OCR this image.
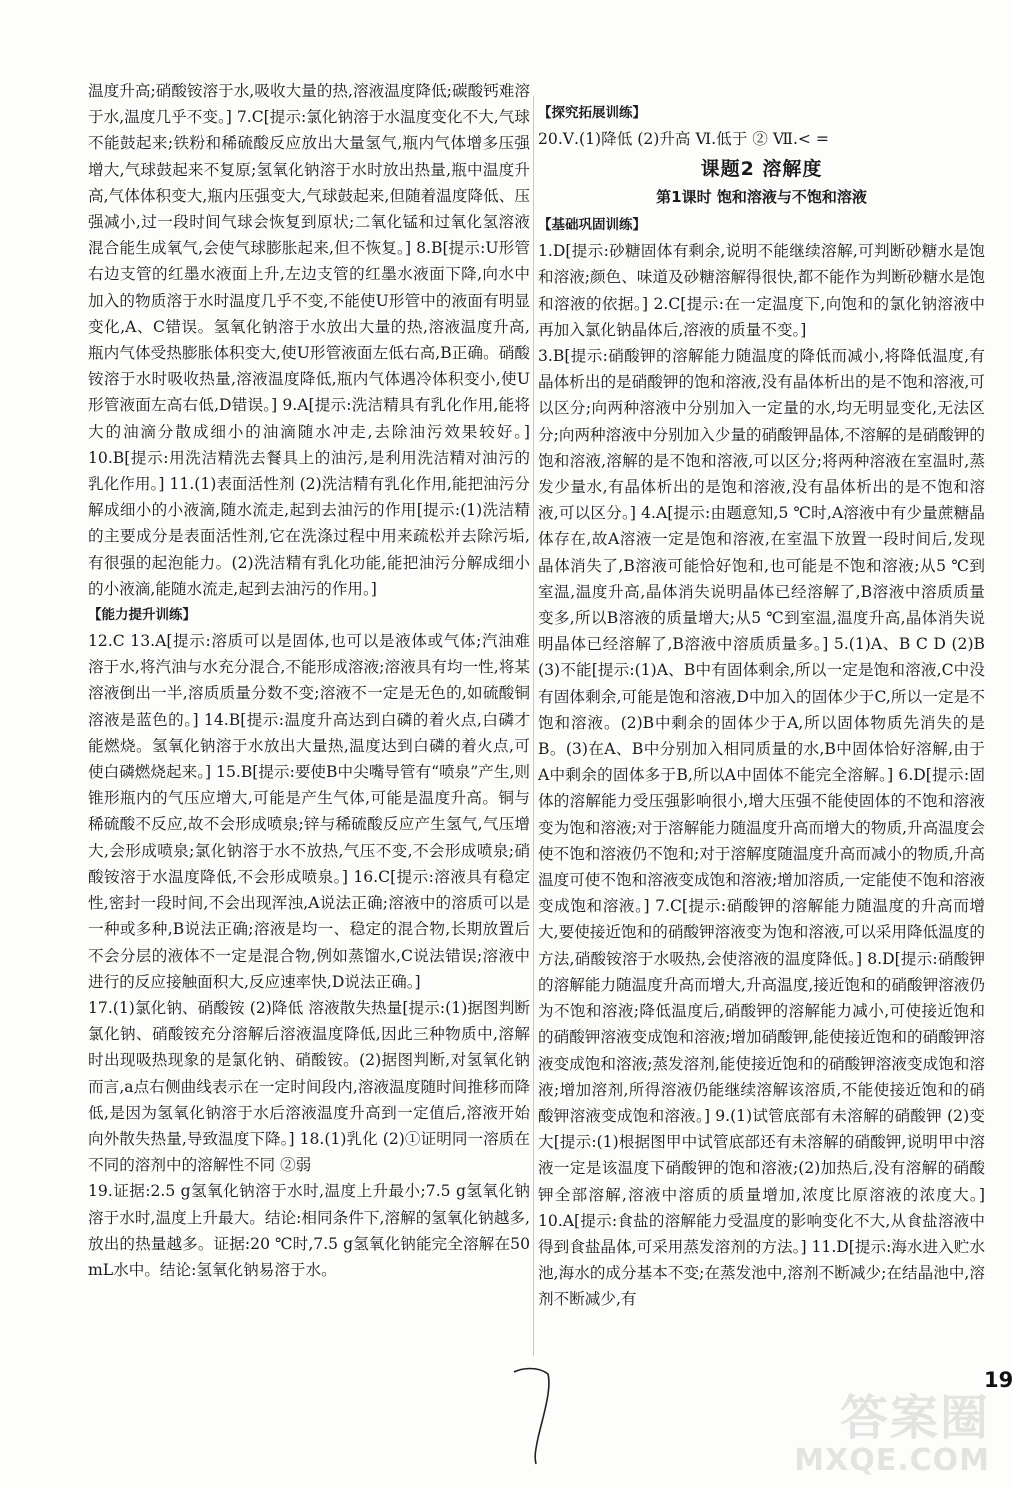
温度升高;硝酸铵溶于水,吸收大量的热,溶液温度降低;碳酸钙难溶于水,温度几乎不变。] 7.C[提示:氯化钠溶于水温度变化不大,气球不能鼓起来;铁粉和稀硫酸反应放出大量氢气,瓶内气体增多压强增大,气球鼓起来不复原;氢氧化钠溶于水时放出热量,瓶中温度升高,气体体积变大,瓶内压强变大,气球鼓起来,但随着温度降低、压强减小,过一段时间气球会恢复到原状;二氧化锰和过氧化氢溶液混合能生成氧气,会使气球膨胀起来,但不恢复。] 8.B[提示:U形管右边支管的红墨水液面上升,左边支管的红墨水液面下降,向水中加入的物质溶于水时温度几乎不变,不能使U形管中的液面有明显变化,A、C错误。氢氧化钠溶于水放出大量的热,溶液温度升高,瓶内气体受热膨胀体积变大,使U形管液面左低右高,B正确。硝酸铵溶于水时吸收热量,溶液温度降低,瓶内气体遇冷体积变小,使U形管液面左高右低,D错误。] 9.A[提示:洗洁精具有乳化作用,能将大的油滴分散成细小的油滴随水冲走,去除油污效果较好。] 10.B[提示:用洗洁精洗去餐具上的油污,是利用洗洁精对油污的乳化作用。] 11.(1)表面活性剂 (2)洗洁精有乳化作用,能把油污分解成细小的小液滴,随水流走,起到去油污的作用[提示:(1)洗洁精的主要成分是表面活性剂,它在洗涤过程中用来疏松并去除污垢,有很强的起泡能力。(2)洗洁精有乳化功能,能把油污分解成细小的小液滴,能随水流走,起到去油污的作用。]

【 能力提升训练 】

12.C 13.A[提示:溶质可以是固体,也可以是液体或气体;汽油难溶于水,将汽油与水充分混合,不能形成溶液;溶液具有均一性,将某溶液倒出一半,溶质质量分数不变;溶液不一定是无色的,如硫酸铜溶液是蓝色的。] 14.B[提示:温度升高达到白磷的着火点,白磷才能燃烧。氢氧化钠溶于水放出大量热,温度达到白磷的着火点,可使白磷燃烧起来。] 15.B[提示:要使B中尖嘴导管有“喷泉”产生,则锥形瓶内的气压应增大,可能是产生气体,可能是温度升高。铜与稀硫酸不反应,故不会形成喷泉;锌与稀硫酸反应产生氢气,气压增大,会形成喷泉;氯化钠溶于水不放热,气压不变,不会形成喷泉;硝酸铵溶于水温度降低,不会形成喷泉。] 16.C[提示:溶液具有稳定性,密封一段时间,不会出现浑浊,A说法正确;溶液中的溶质可以是一种或多种,B说法正确;溶液是均一、稳定的混合物,长期放置后不会分层的液体不一定是混合物,例如蒸馏水,C说法错误;溶液中进行的反应接触面积大,反应速率快,D说法正确。]

17.(1)氯化钠、硝酸铵 (2)降低 溶液散失热量[提示:(1)据图判断氯化钠、硝酸铵充分溶解后溶液温度降低,因此三种物质中,溶解时出现吸热现象的是氯化钠、硝酸铵。(2)据图判断,对氢氧化钠而言,a点右侧曲线表示在一定时间段内,溶液温度随时间推移而降低,是因为氢氧化钠溶于水后溶液温度升高到一定值后,溶液开始向外散失热量,导致温度下降。] 18.(1)乳化 (2)①证明同一溶质在不同的溶剂中的溶解性不同 ②弱

19.证据:2.5 g氢氧化钠溶于水时,温度上升最小;7.5 g氢氧化钠溶于水时,温度上升最大。结论:相同条件下,溶解的氢氧化钠越多,放出的热量越多。证据:20 ℃时,7.5 g氢氧化钠能完全溶解在50 mL水中。结论:氢氧化钠易溶于水。

【 探究拓展训练 】

20.Ⅴ.(1)降低 (2)升高 Ⅵ.低于 ② Ⅶ.< =

课题2 溶解度
第1课时 饱和溶液与不饱和溶液
【 基础巩固训练 】

1.D[提示:砂糖固体有剩余,说明不能继续溶解,可判断砂糖水是饱和溶液;颜色、味道及砂糖溶解得很快,都不能作为判断砂糖水是饱和溶液的依据。] 2.C[提示:在一定温度下,向饱和的氯化钠溶液中再加入氯化钠晶体后,溶液的质量不变。]

3.B[提示:硝酸钾的溶解能力随温度的降低而减小,将降低温度,有晶体析出的是硝酸钾的饱和溶液,没有晶体析出的是不饱和溶液,可以区分;向两种溶液中分别加入一定量的水,均无明显变化,无法区分;向两种溶液中分别加入少量的硝酸钾晶体,不溶解的是硝酸钾的饱和溶液,溶解的是不饱和溶液,可以区分;将两种溶液在室温时,蒸发少量水,有晶体析出的是饱和溶液,没有晶体析出的是不饱和溶液,可以区分。] 4.A[提示:由题意知,5 ℃时,A溶液中有少量蔗糖晶体存在,故A溶液一定是饱和溶液,在室温下放置一段时间后,发现晶体消失了,B溶液可能恰好饱和,也可能是不饱和溶液;从5 ℃到室温,温度升高,晶体消失说明晶体已经溶解了,B溶液中溶质质量变多,所以B溶液的质量增大;从5 ℃到室温,温度升高,晶体消失说明晶体已经溶解了,B溶液中溶质质量多。] 5.(1)A、B C D (2)B (3)不能[提示:(1)A、B中有固体剩余,所以一定是饱和溶液,C中没有固体剩余,可能是饱和溶液,D中加入的固体少于C,所以一定是不饱和溶液。(2)B中剩余的固体少于A,所以固体物质先消失的是B。(3)在A、B中分别加入相同质量的水,B中固体恰好溶解,由于A中剩余的固体多于B,所以A中固体不能完全溶解。] 6.D[提示:固体的溶解能力受压强影响很小,增大压强不能使固体的不饱和溶液变为饱和溶液;对于溶解能力随温度升高而增大的物质,升高温度会使不饱和溶液仍不饱和;对于溶解度随温度升高而减小的物质,升高温度可使不饱和溶液变成饱和溶液;增加溶质,一定能使不饱和溶液变成饱和溶液。] 7.C[提示:硝酸钾的溶解能力随温度的升高而增大,要使接近饱和的硝酸钾溶液变为饱和溶液,可以采用降低温度的方法,硝酸铵溶于水吸热,会使溶液的温度降低。] 8.D[提示:硝酸钾的溶解能力随温度升高而增大,升高温度,接近饱和的硝酸钾溶液仍为不饱和溶液;降低温度后,硝酸钾的溶解能力减小,可使接近饱和的硝酸钾溶液变成饱和溶液;增加硝酸钾,能使接近饱和的硝酸钾溶液变成饱和溶液;蒸发溶剂,能使接近饱和的硝酸钾溶液变成饱和溶液;增加溶剂,所得溶液仍能继续溶解该溶质,不能使接近饱和的硝酸钾溶液变成饱和溶液。] 9.(1)试管底部有未溶解的硝酸钾 (2)变大[提示:(1)根据图甲中试管底部还有未溶解的硝酸钾,说明甲中溶液一定是该温度下硝酸钾的饱和溶液;(2)加热后,没有溶解的硝酸钾全部溶解,溶液中溶质的质量增加,浓度比原溶液的浓度大。] 10.A[提示:食盐的溶解能力受温度的影响变化不大,从食盐溶液中得到食盐晶体,可采用蒸发溶剂的方法。] 11.D[提示:海水进入贮水池,海水的成分基本不变;在蒸发池中,溶剂不断减少;在结晶池中,溶剂不断减少,有

19
答案圈
MXQE.COM
